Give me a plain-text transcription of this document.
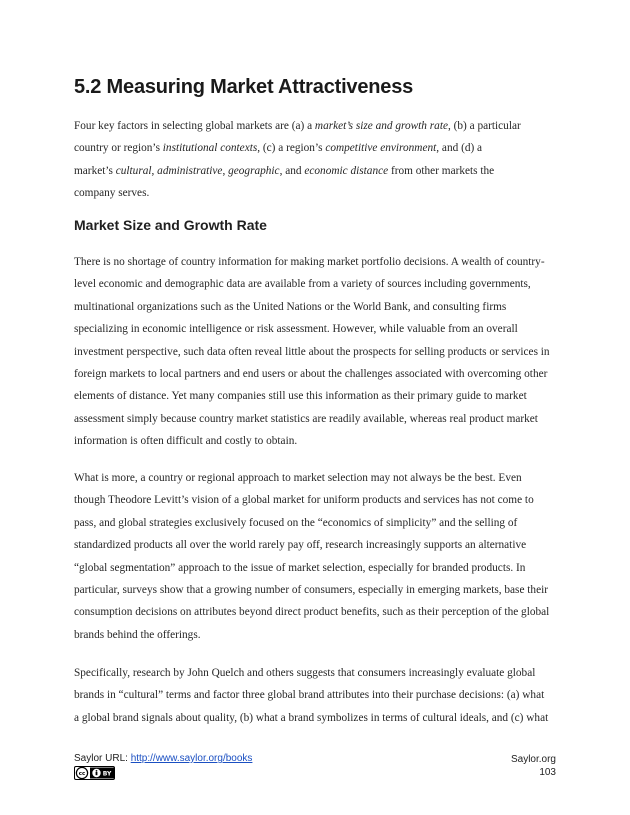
5.2 Measuring Market Attractiveness
Four key factors in selecting global markets are (a) a market’s size and growth rate, (b) a particular
country or region’s institutional contexts, (c) a region’s competitive environment, and (d) a
market’s cultural, administrative, geographic, and economic distance from other markets the
company serves.
Market Size and Growth Rate
There is no shortage of country information for making market portfolio decisions. A wealth of country-
level economic and demographic data are available from a variety of sources including governments,
multinational organizations such as the United Nations or the World Bank, and consulting firms
specializing in economic intelligence or risk assessment. However, while valuable from an overall
investment perspective, such data often reveal little about the prospects for selling products or services in
foreign markets to local partners and end users or about the challenges associated with overcoming other
elements of distance. Yet many companies still use this information as their primary guide to market
assessment simply because country market statistics are readily available, whereas real product market
information is often difficult and costly to obtain.
What is more, a country or regional approach to market selection may not always be the best. Even
though Theodore Levitt’s vision of a global market for uniform products and services has not come to
pass, and global strategies exclusively focused on the “economics of simplicity” and the selling of
standardized products all over the world rarely pay off, research increasingly supports an alternative
“global segmentation” approach to the issue of market selection, especially for branded products. In
particular, surveys show that a growing number of consumers, especially in emerging markets, base their
consumption decisions on attributes beyond direct product benefits, such as their perception of the global
brands behind the offerings.
Specifically, research by John Quelch and others suggests that consumers increasingly evaluate global
brands in “cultural” terms and factor three global brand attributes into their purchase decisions: (a) what
a global brand signals about quality, (b) what a brand symbolizes in terms of cultural ideals, and (c) what
Saylor URL: http://www.saylor.org/books
cc	BY
Saylor.org
103
